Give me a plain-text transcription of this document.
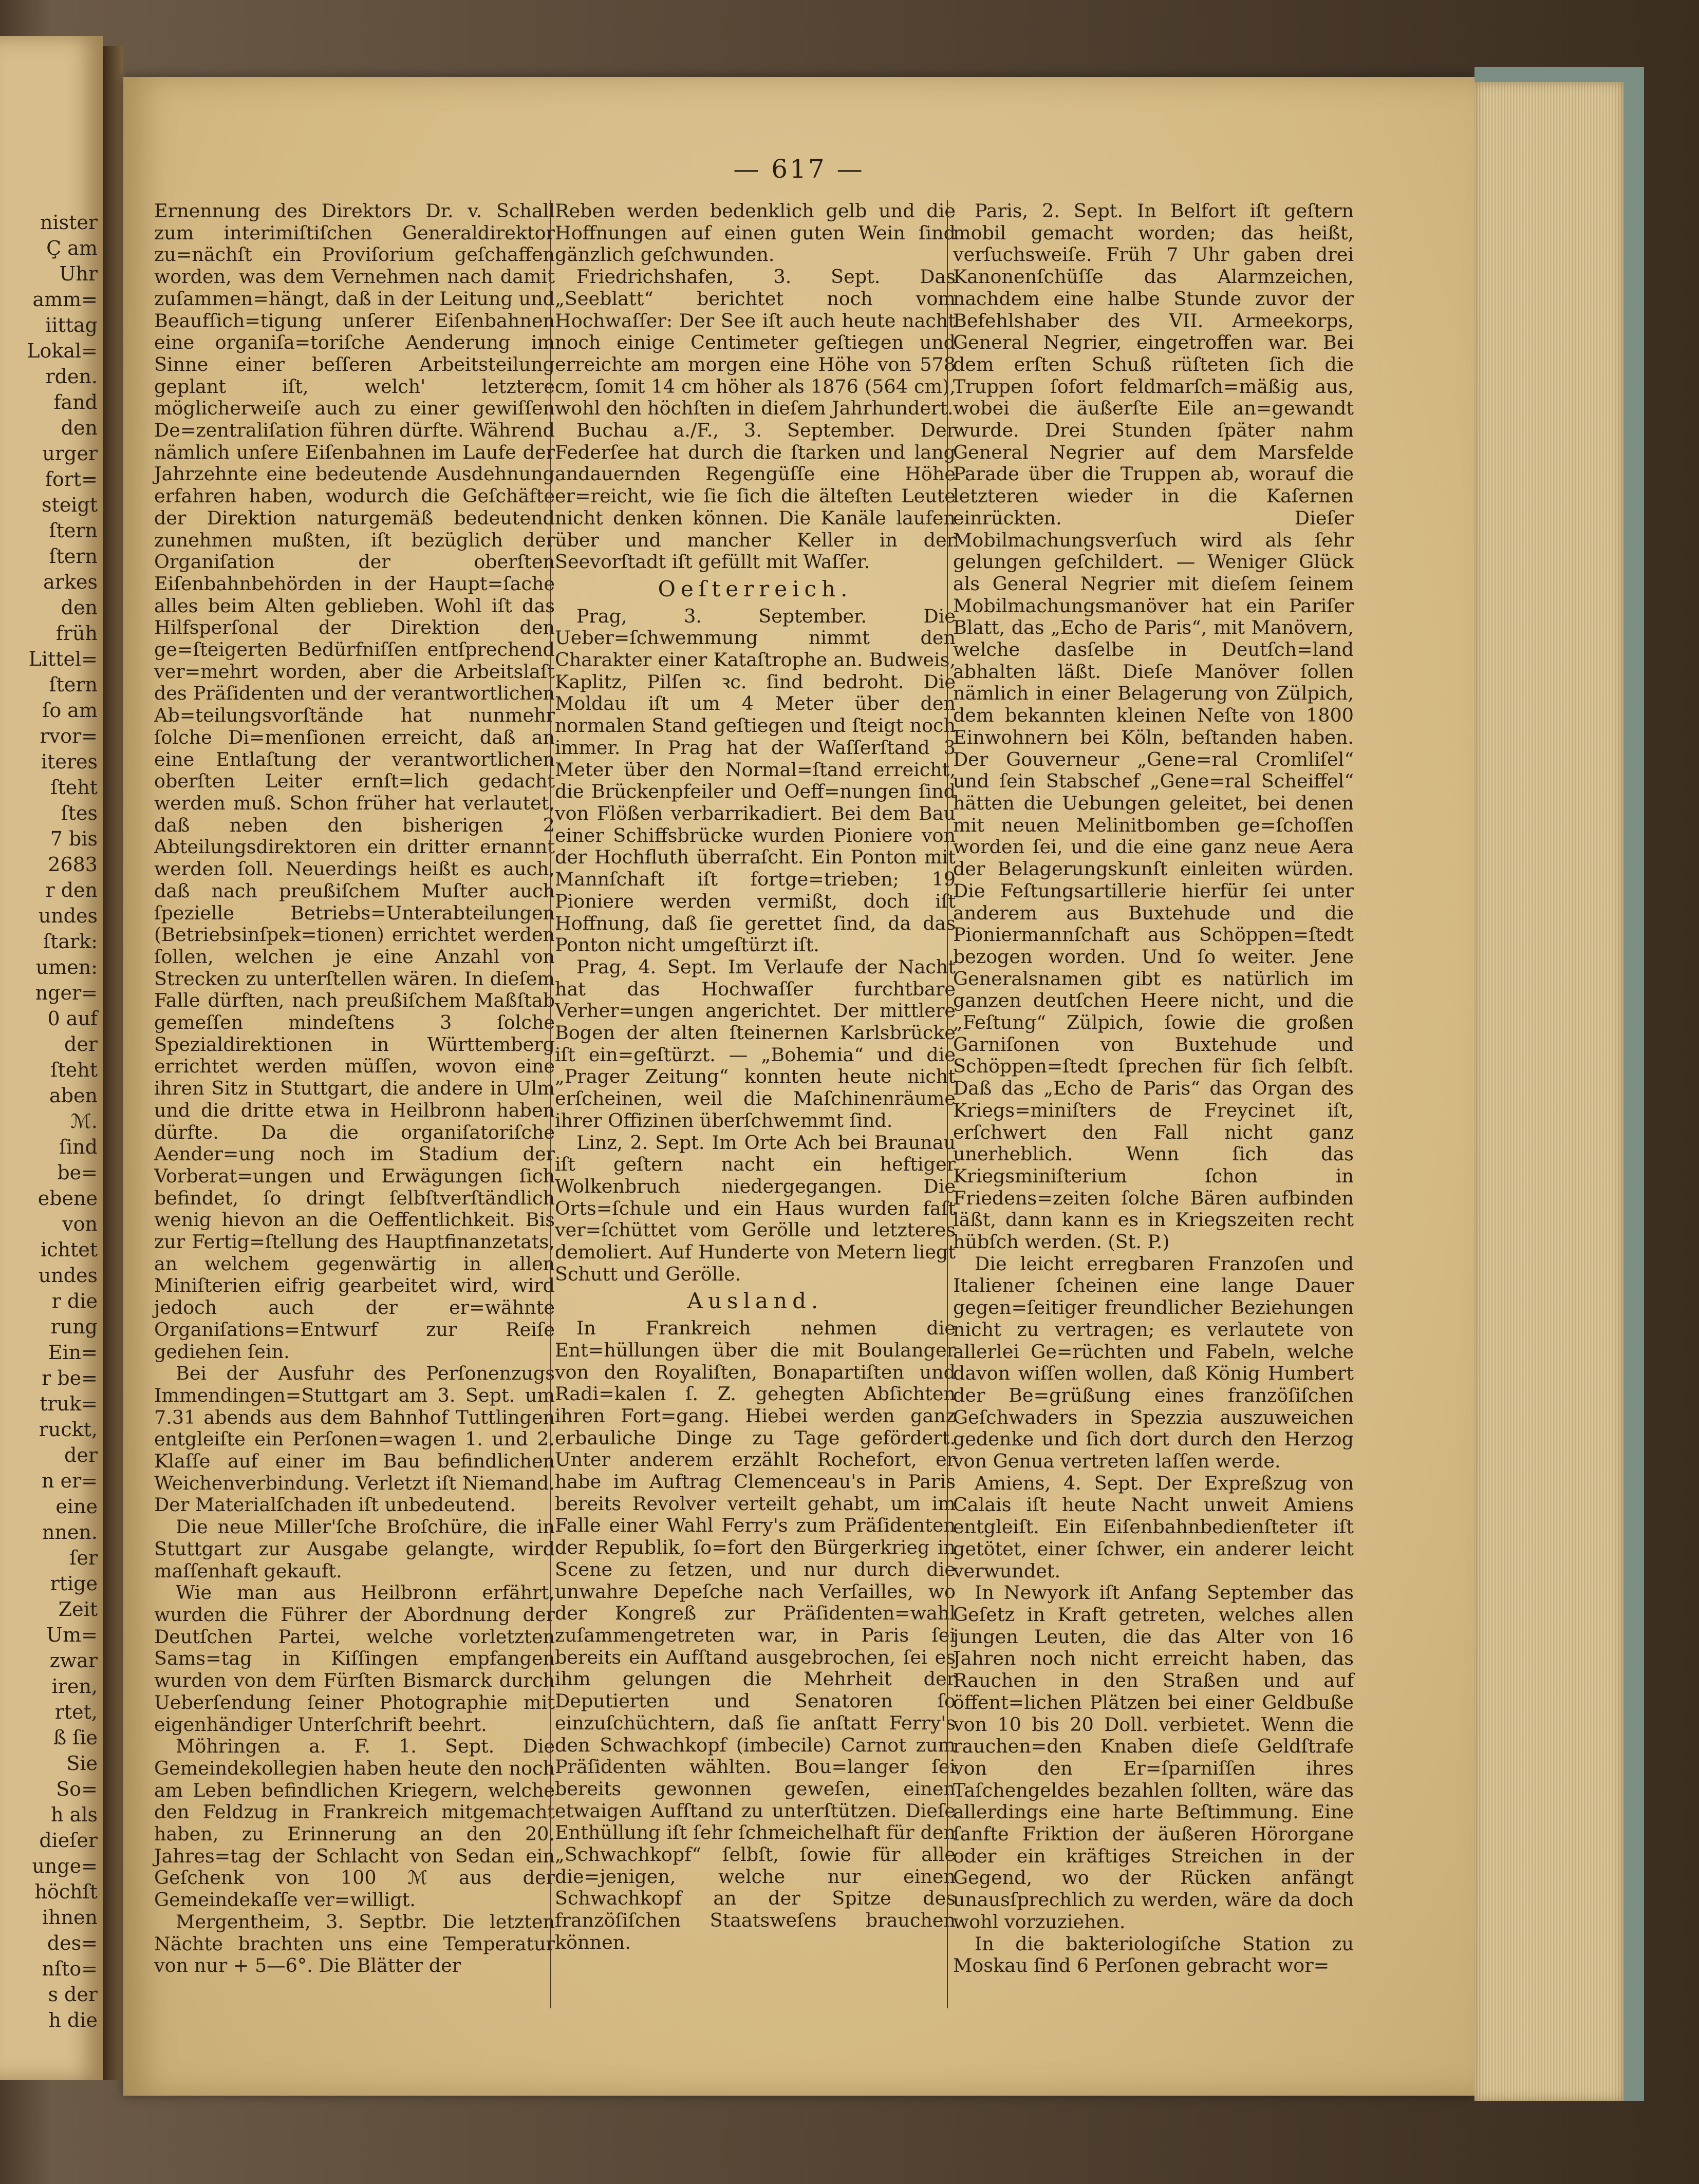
nister
Ç am
Uhr
amm=
iittag
Lokal=
rden.
fand
den
urger
fort=
steigt
ſtern
ſtern
arkes
den
früh
Littel=
ſtern
ſo am
rvor=
iteres
ſteht
ſtes
7 bis
2683
r den
undes
ſtark:
umen:
nger=
0 auf
der
ſteht
aben
ℳ.
ſind
be=
ebene
von
ichtet
undes
r die
rung
Ein=
r be=
truk=
ruckt,
der
n er=
eine
nnen.
ſer
rtige
Zeit
Um=
zwar
iren,
rtet,
ß ſie
Sie
So=
h als
dieſer
unge=
höchſt
ihnen
des=
nſto=
s der
h die
— 617 —

Ernennung des Direktors Dr. v. Schall zum interimiſtiſchen Generaldirektor zu=nächſt ein Proviſorium geſchaffen worden, was dem Vernehmen nach damit zuſammen=hängt, daß in der Leitung und Beaufſich=tigung unſerer Eiſenbahnen eine organiſa=toriſche Aenderung im Sinne einer beſſeren Arbeitsteilung geplant iſt, welch' letztere möglicherweiſe auch zu einer gewiſſen De=zentraliſation führen dürfte. Während nämlich unſere Eiſenbahnen im Laufe der Jahrzehnte eine bedeutende Ausdehnung erfahren haben, wodurch die Geſchäfte der Direktion naturgemäß bedeutend zunehmen mußten, iſt bezüglich der Organiſation der oberſten Eiſenbahnbehörden in der Haupt=ſache alles beim Alten geblieben. Wohl iſt das Hilfsperſonal der Direktion den ge=ſteigerten Bedürfniſſen entſprechend ver=mehrt worden, aber die Arbeitslaſt des Präſidenten und der verantwortlichen Ab=teilungsvorſtände hat nunmehr ſolche Di=menſionen erreicht, daß an eine Entlaſtung der verantwortlichen oberſten Leiter ernſt=lich gedacht werden muß. Schon früher hat verlautet, daß neben den bisherigen 2 Abteilungsdirektoren ein dritter ernannt werden ſoll. Neuerdings heißt es auch, daß nach preußiſchem Muſter auch ſpezielle Betriebs=Unterabteilungen (Betriebsinſpek=tionen) errichtet werden ſollen, welchen je eine Anzahl von Strecken zu unterſtellen wären. In dieſem Falle dürften, nach preußiſchem Maßſtab gemeſſen mindeſtens 3 ſolche Spezialdirektionen in Württemberg errichtet werden müſſen, wovon eine ihren Sitz in Stuttgart, die andere in Ulm und die dritte etwa in Heilbronn haben dürfte. Da die organiſatoriſche Aender=ung noch im Stadium der Vorberat=ungen und Erwägungen ſich befindet, ſo dringt ſelbſtverſtändlich wenig hievon an die Oeffentlichkeit. Bis zur Fertig=ſtellung des Hauptfinanzetats, an welchem gegenwärtig in allen Miniſterien eifrig gearbeitet wird, wird jedoch auch der er=wähnte Organiſations=Entwurf zur Reiſe gediehen ſein.

Bei der Ausfuhr des Perſonenzugs Immendingen=Stuttgart am 3. Sept. um 7.31 abends aus dem Bahnhof Tuttlingen entgleiſte ein Perſonen=wagen 1. und 2. Klaſſe auf einer im Bau befindlichen Weichenverbindung. Verletzt iſt Niemand. Der Materialſchaden iſt unbedeutend.

Die neue Miller'ſche Broſchüre, die in Stuttgart zur Ausgabe gelangte, wird maſſenhaft gekauft.

Wie man aus Heilbronn erfährt, wurden die Führer der Abordnung der Deutſchen Partei, welche vorletzten Sams=tag in Kiſſingen empfangen wurden von dem Fürſten Bismarck durch Ueberſendung ſeiner Photographie mit eigenhändiger Unterſchrift beehrt.

Möhringen a. F. 1. Sept. Die Gemeindekollegien haben heute den noch am Leben befindlichen Kriegern, welche den Feldzug in Frankreich mitgemacht haben, zu Erinnerung an den 20. Jahres=tag der Schlacht von Sedan ein Geſchenk von 100 ℳ aus der Gemeindekaſſe ver=willigt.

Mergentheim, 3. Septbr. Die letzten Nächte brachten uns eine Temperatur von nur + 5—6°. Die Blätter der

Reben werden bedenklich gelb und die Hoffnungen auf einen guten Wein ſind gänzlich geſchwunden.

Friedrichshafen, 3. Sept. Das „Seeblatt“ berichtet noch vom Hochwaſſer: Der See iſt auch heute nacht noch einige Centimeter geſtiegen und erreichte am morgen eine Höhe von 578 cm, ſomit 14 cm höher als 1876 (564 cm), wohl den höchſten in dieſem Jahrhundert.

Buchau a./F., 3. September. Der Federſee hat durch die ſtarken und lang andauernden Regengüſſe eine Höhe er=reicht, wie ſie ſich die älteſten Leute nicht denken können. Die Kanäle laufen über und mancher Keller in der Seevorſtadt iſt gefüllt mit Waſſer.

Oeſterreich.

Prag, 3. September. Die Ueber=ſchwemmung nimmt den Charakter einer Kataſtrophe an. Budweis, Kaplitz, Pilſen ꝛc. ſind bedroht. Die Moldau iſt um 4 Meter über den normalen Stand geſtiegen und ſteigt noch immer. In Prag hat der Waſſerſtand 3 Meter über den Normal=ſtand erreicht, die Brückenpfeiler und Oeff=nungen ſind von Flößen verbarrikadiert. Bei dem Bau einer Schiffsbrücke wurden Pioniere von der Hochfluth überraſcht. Ein Ponton mit Mannſchaft iſt fortge=trieben; 19 Pioniere werden vermißt, doch iſt Hoffnung, daß ſie gerettet ſind, da das Ponton nicht umgeſtürzt iſt.

Prag, 4. Sept. Im Verlaufe der Nacht hat das Hochwaſſer furchtbare Verher=ungen angerichtet. Der mittlere Bogen der alten ſteinernen Karlsbrücke iſt ein=geſtürzt. — „Bohemia“ und die „Prager Zeitung“ konnten heute nicht erſcheinen, weil die Maſchinenräume ihrer Offizinen überſchwemmt ſind.

Linz, 2. Sept. Im Orte Ach bei Braunau iſt geſtern nacht ein heftiger Wolkenbruch niedergegangen. Die Orts=ſchule und ein Haus wurden faſt ver=ſchüttet vom Gerölle und letzteres demoliert. Auf Hunderte von Metern liegt Schutt und Gerölle.

Ausland.

In Frankreich nehmen die Ent=hüllungen über die mit Boulanger von den Royaliſten, Bonapartiſten und Radi=kalen ſ. Z. gehegten Abſichten ihren Fort=gang. Hiebei werden ganz erbauliche Dinge zu Tage gefördert. Unter anderem erzählt Rochefort, er habe im Auftrag Clemenceau's in Paris bereits Revolver verteilt gehabt, um im Falle einer Wahl Ferry's zum Präſidenten der Republik, ſo=fort den Bürgerkrieg in Scene zu ſetzen, und nur durch die unwahre Depeſche nach Verſailles, wo der Kongreß zur Präſidenten=wahl zuſammengetreten war, in Paris ſei bereits ein Aufſtand ausgebrochen, ſei es ihm gelungen die Mehrheit der Deputierten und Senatoren ſo einzuſchüchtern, daß ſie anſtatt Ferry's den Schwachkopf (imbecile) Carnot zum Präſidenten wählten. Bou=langer ſei bereits gewonnen geweſen, einen etwaigen Aufſtand zu unterſtützen. Dieſe Enthüllung iſt ſehr ſchmeichelhaft für den „Schwachkopf“ ſelbſt, ſowie für alle die=jenigen, welche nur einen Schwachkopf an der Spitze des franzöſiſchen Staatsweſens brauchen können.

Paris, 2. Sept. In Belfort iſt geſtern mobil gemacht worden; das heißt, verſuchsweiſe. Früh 7 Uhr gaben drei Kanonenſchüſſe das Alarmzeichen, nachdem eine halbe Stunde zuvor der Befehlshaber des VII. Armeekorps, General Negrier, eingetroffen war. Bei dem erſten Schuß rüſteten ſich die Truppen ſofort feldmarſch=mäßig aus, wobei die äußerſte Eile an=gewandt wurde. Drei Stunden ſpäter nahm General Negrier auf dem Marsfelde Parade über die Truppen ab, worauf die letzteren wieder in die Kaſernen einrückten. Dieſer Mobilmachungsverſuch wird als ſehr gelungen geſchildert. — Weniger Glück als General Negrier mit dieſem ſeinem Mobilmachungsmanöver hat ein Pariſer Blatt, das „Echo de Paris“, mit Manövern, welche dasſelbe in Deutſch=land abhalten läßt. Dieſe Manöver ſollen nämlich in einer Belagerung von Zülpich, dem bekannten kleinen Neſte von 1800 Einwohnern bei Köln, beſtanden haben. Der Gouverneur „Gene=ral Cromliſel“ und ſein Stabschef „Gene=ral Scheiffel“ hätten die Uebungen geleitet, bei denen mit neuen Melinitbomben ge=ſchoſſen worden ſei, und die eine ganz neue Aera der Belagerungskunſt einleiten würden. Die Feſtungsartillerie hierfür ſei unter anderem aus Buxtehude und die Pioniermannſchaft aus Schöppen=ſtedt bezogen worden. Und ſo weiter. Jene Generalsnamen gibt es natürlich im ganzen deutſchen Heere nicht, und die „Feſtung“ Zülpich, ſowie die großen Garniſonen von Buxtehude und Schöppen=ſtedt ſprechen für ſich ſelbſt. Daß das „Echo de Paris“ das Organ des Kriegs=miniſters de Freycinet iſt, erſchwert den Fall nicht ganz unerheblich. Wenn ſich das Kriegsminiſterium ſchon in Friedens=zeiten ſolche Bären aufbinden läßt, dann kann es in Kriegszeiten recht hübſch werden. (St. P.)

Die leicht erregbaren Franzoſen und Italiener ſcheinen eine lange Dauer gegen=ſeitiger freundlicher Beziehungen nicht zu vertragen; es verlautete von allerlei Ge=rüchten und Fabeln, welche davon wiſſen wollen, daß König Humbert der Be=grüßung eines franzöſiſchen Geſchwaders in Spezzia auszuweichen gedenke und ſich dort durch den Herzog von Genua vertreten laſſen werde.

Amiens, 4. Sept. Der Expreßzug von Calais iſt heute Nacht unweit Amiens entgleiſt. Ein Eiſenbahnbedienſteter iſt getötet, einer ſchwer, ein anderer leicht verwundet.

In Newyork iſt Anfang September das Geſetz in Kraft getreten, welches allen jungen Leuten, die das Alter von 16 Jahren noch nicht erreicht haben, das Rauchen in den Straßen und auf öffent=lichen Plätzen bei einer Geldbuße von 10 bis 20 Doll. verbietet. Wenn die rauchen=den Knaben dieſe Geldſtrafe von den Er=ſparniſſen ihres Taſchengeldes bezahlen ſollten, wäre das allerdings eine harte Beſtimmung. Eine ſanfte Friktion der äußeren Hörorgane oder ein kräftiges Streichen in der Gegend, wo der Rücken anfängt unausſprechlich zu werden, wäre da doch wohl vorzuziehen.

In die bakteriologiſche Station zu Moskau ſind 6 Perſonen gebracht wor=
